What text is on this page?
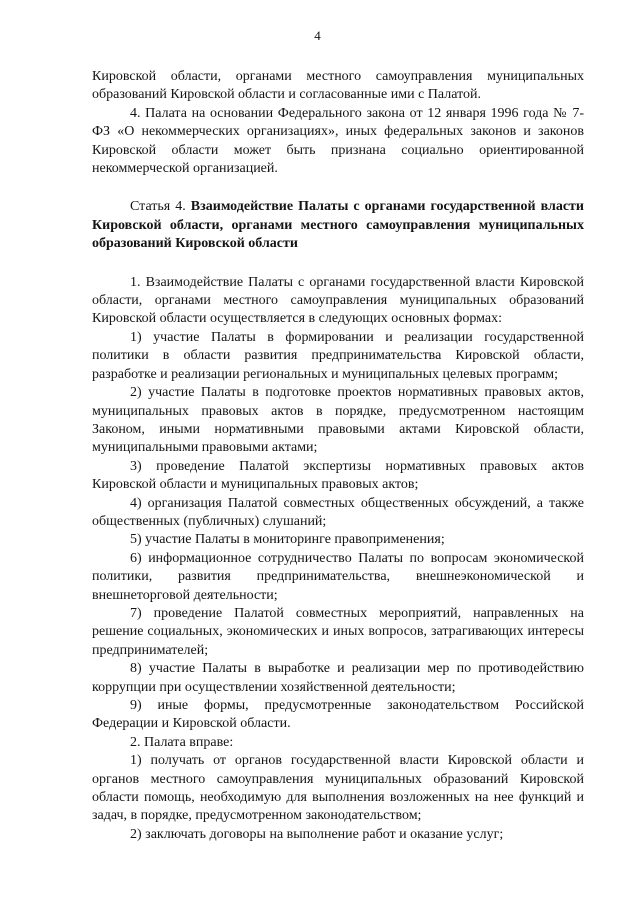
4

Кировской области, органами местного самоуправления муниципальных образований Кировской области и согласованные ими с Палатой.

4. Палата на основании Федерального закона от 12 января 1996 года № 7-ФЗ «О некоммерческих организациях», иных федеральных законов и законов Кировской области может быть признана социально ориентированной некоммерческой организацией.

Статья 4. Взаимодействие Палаты с органами государственной власти Кировской области, органами местного самоуправления муниципальных образований Кировской области

1. Взаимодействие Палаты с органами государственной власти Кировской области, органами местного самоуправления муниципальных образований Кировской области осуществляется в следующих основных формах:

1) участие Палаты в формировании и реализации государственной политики в области развития предпринимательства Кировской области, разработке и реализации региональных и муниципальных целевых программ;

2) участие Палаты в подготовке проектов нормативных правовых актов, муниципальных правовых актов в порядке, предусмотренном настоящим Законом, иными нормативными правовыми актами Кировской области, муниципальными правовыми актами;

3) проведение Палатой экспертизы нормативных правовых актов Кировской области и муниципальных правовых актов;

4) организация Палатой совместных общественных обсуждений, а также общественных (публичных) слушаний;

5) участие Палаты в мониторинге правоприменения;

6) информационное сотрудничество Палаты по вопросам экономической политики, развития предпринимательства, внешнеэкономической и внешнеторговой деятельности;

7) проведение Палатой совместных мероприятий, направленных на решение социальных, экономических и иных вопросов, затрагивающих интересы предпринимателей;

8) участие Палаты в выработке и реализации мер по противодействию коррупции при осуществлении хозяйственной деятельности;

9) иные формы, предусмотренные законодательством Российской Федерации и Кировской области.

2. Палата вправе:

1) получать от органов государственной власти Кировской области и органов местного самоуправления муниципальных образований Кировской области помощь, необходимую для выполнения возложенных на нее функций и задач, в порядке, предусмотренном законодательством;

2) заключать договоры на выполнение работ и оказание услуг;
